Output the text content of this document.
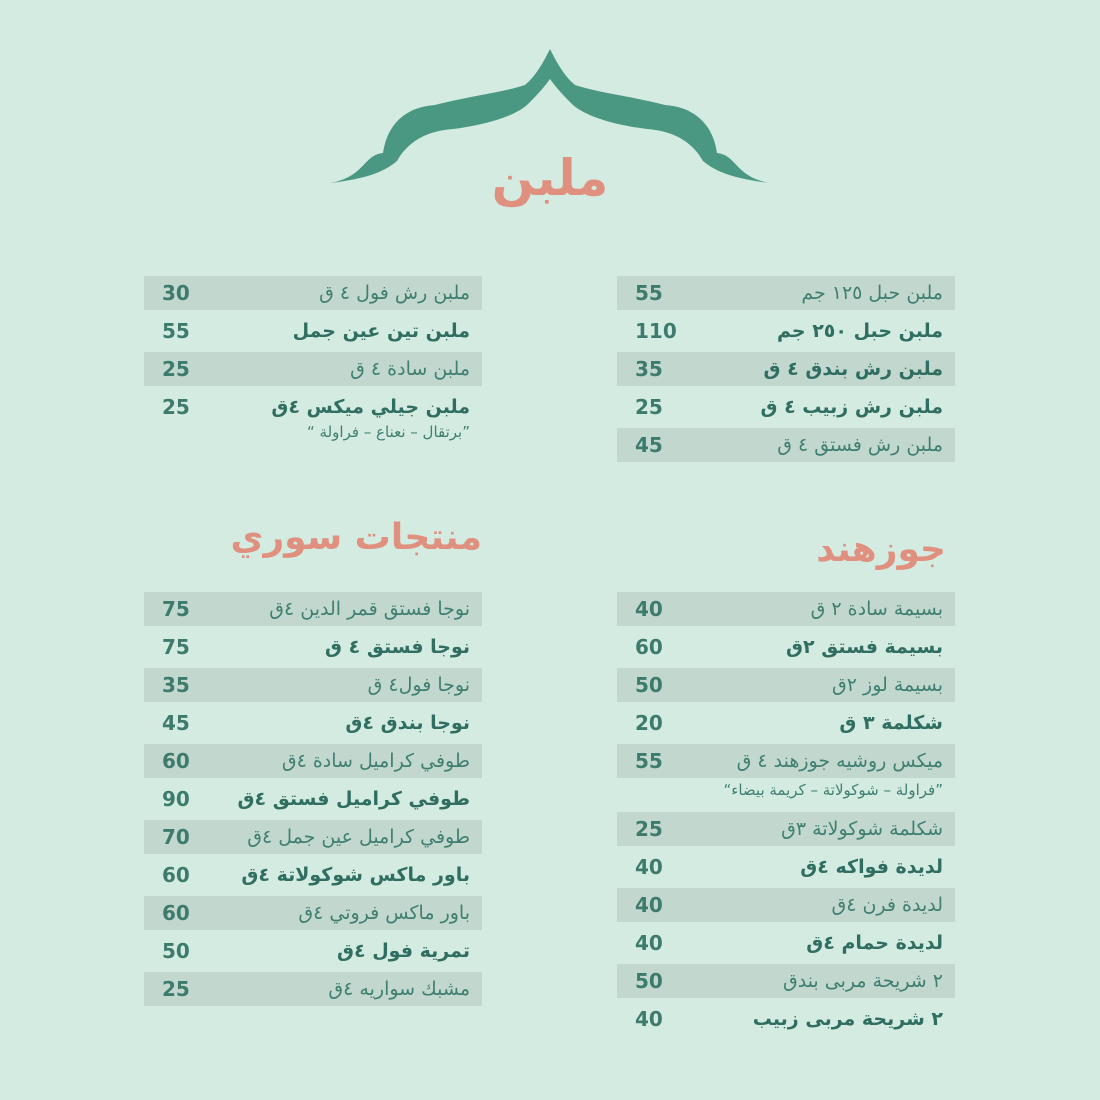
ملبن
ملبن حبل ١٢٥ جم
55
ملبن حبل ٢٥٠ جم
110
ملبن رش بندق ٤ ق
35
ملبن رش زبيب ٤ ق
25
ملبن رش فستق ٤ ق
45
ملبن رش فول ٤ ق
30
ملبن تين عين جمل
55
ملبن سادة ٤ ق
25
ملبن جيلي ميكس ٤ق
25
”برتقال – نعناع – فراولة “
جوزهند
منتجات سوري
بسيمة سادة ٢ ق
40
بسيمة فستق ٢ق
60
بسيمة لوز ٢ق
50
شكلمة ٣ ق
20
ميكس روشيه جوزهند ٤ ق
55
”فراولة – شوكولاتة – كريمة بيضاء“
شكلمة شوكولاتة ٣ق
25
لديدة فواكه ٤ق
40
لديدة فرن ٤ق
40
لديدة حمام ٤ق
40
٢ شريحة مربى بندق
50
٢ شريحة مربى زبيب
40
نوجا فستق قمر الدين ٤ق
75
نوجا فستق ٤ ق
75
نوجا فول٤ ق
35
نوجا بندق ٤ق
45
طوفي كراميل سادة ٤ق
60
طوفي كراميل فستق ٤ق
90
طوفي كراميل عين جمل ٤ق
70
باور ماكس شوكولاتة ٤ق
60
باور ماكس فروتي ٤ق
60
تمرية فول ٤ق
50
مشبك سواريه ٤ق
25
